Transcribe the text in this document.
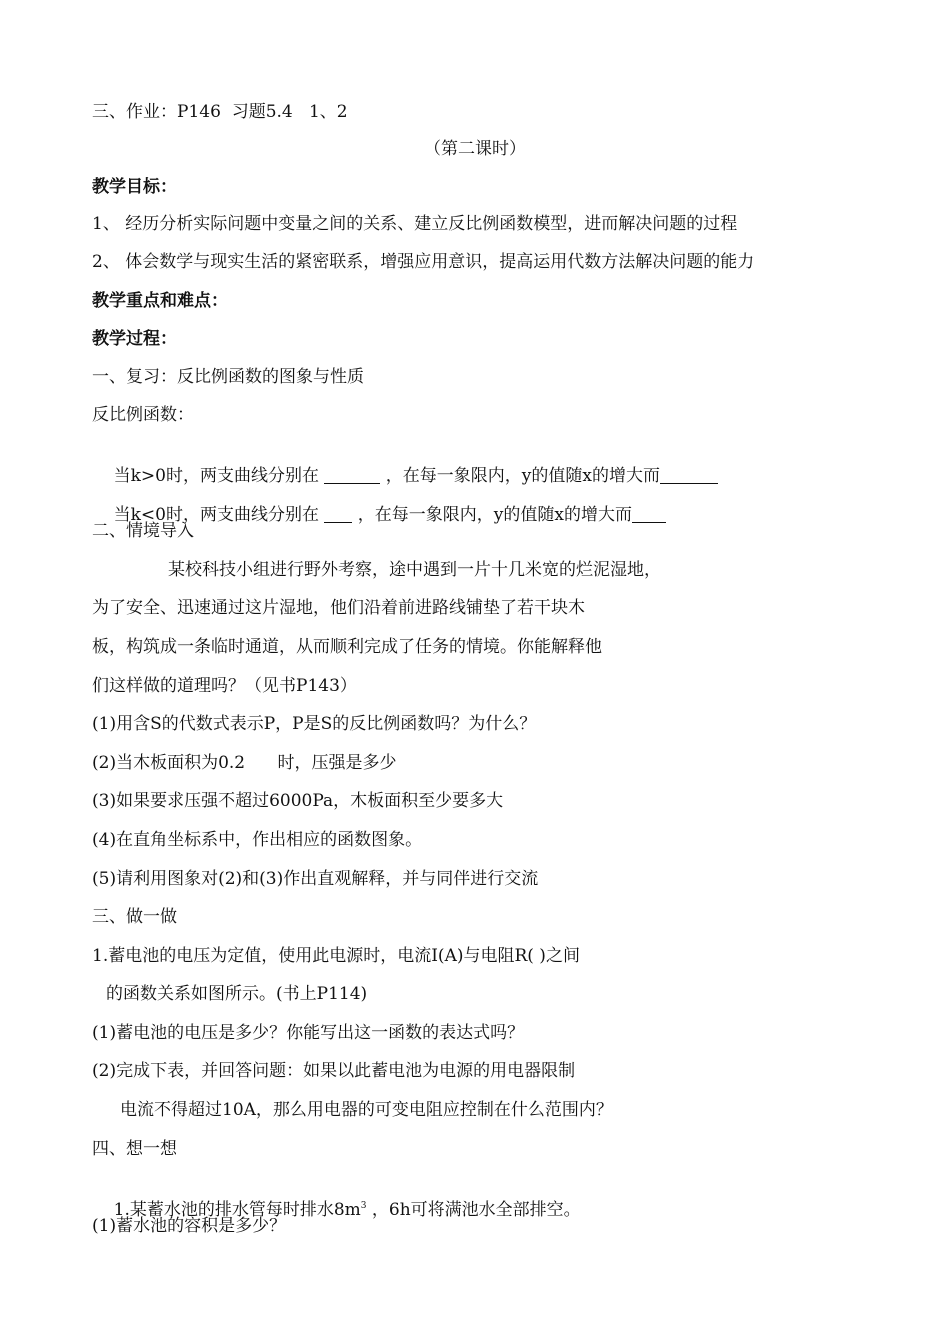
三、作业：P146  习题5.4   1、2
（第二课时）
教学目标：
1、 经历分析实际问题中变量之间的关系、建立反比例函数模型，进而解决问题的过程
2、 体会数学与现实生活的紧密联系，增强应用意识，提高运用代数方法解决问题的能力
教学重点和难点：
教学过程：
一、复习：反比例函数的图象与性质
反比例函数：

当k>0时，两支曲线分别在	，在每一象限内，y的值随x的增大而

当k<0时，两支曲线分别在  ，在每一象限内，y的值随x的增大而

二、情境导入
某校科技小组进行野外考察，途中遇到一片十几米宽的烂泥湿地，
为了安全、迅速通过这片湿地，他们沿着前进路线铺垫了若干块木
板，构筑成一条临时通道，从而顺利完成了任务的情境。你能解释他
们这样做的道理吗？（见书P143）
(1)用含S的代数式表示P，P是S的反比例函数吗？为什么？
(2)当木板面积为0.2      时，压强是多少
(3)如果要求压强不超过6000Pa，木板面积至少要多大
(4)在直角坐标系中，作出相应的函数图象。
(5)请利用图象对(2)和(3)作出直观解释，并与同伴进行交流
三、做一做
1.蓄电池的电压为定值，使用此电源时，电流I(A)与电阻R( )之间
的函数关系如图所示。(书上P114)
(1)蓄电池的电压是多少？你能写出这一函数的表达式吗？
(2)完成下表，并回答问题：如果以此蓄电池为电源的用电器限制
电流不得超过10A，那么用电器的可变电阻应控制在什么范围内？
四、想一想

1.某蓄水池的排水管每时排水$8m^3$ ，6h可将满池水全部排空。

(1)蓄水池的容积是多少？
